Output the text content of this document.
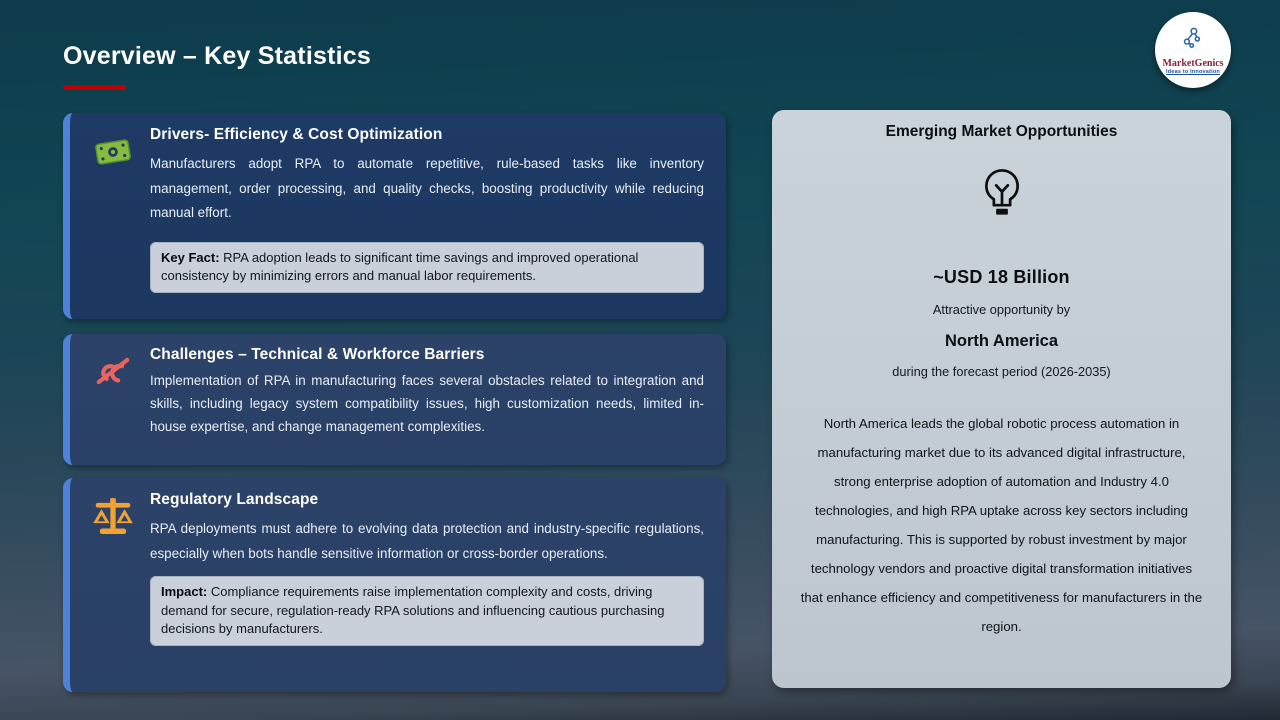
Overview – Key Statistics	MarketGenics
Ideas to Innovation
Drivers- Efficiency & Cost Optimization
Manufacturers adopt RPA to automate repetitive, rule-based tasks like inventory management, order processing, and quality checks, boosting productivity while reducing manual effort.
Key Fact: RPA adoption leads to significant time savings and improved operational consistency by minimizing errors and manual labor requirements.
Challenges – Technical & Workforce Barriers
Implementation of RPA in manufacturing faces several obstacles related to integration and skills, including legacy system compatibility issues, high customization needs, limited in-house expertise, and change management complexities.
Regulatory Landscape
RPA deployments must adhere to evolving data protection and industry-specific regulations, especially when bots handle sensitive information or cross-border operations.
Impact: Compliance requirements raise implementation complexity and costs, driving demand for secure, regulation-ready RPA solutions and influencing cautious purchasing decisions by manufacturers.
Emerging Market Opportunities
~USD 18 Billion
Attractive opportunity by
North America
during the forecast period (2026-2035)
North America leads the global robotic process automation in manufacturing market due to its advanced digital infrastructure, strong enterprise adoption of automation and Industry 4.0 technologies, and high RPA uptake across key sectors including manufacturing. This is supported by robust investment by major technology vendors and proactive digital transformation initiatives that enhance efficiency and competitiveness for manufacturers in the region.
